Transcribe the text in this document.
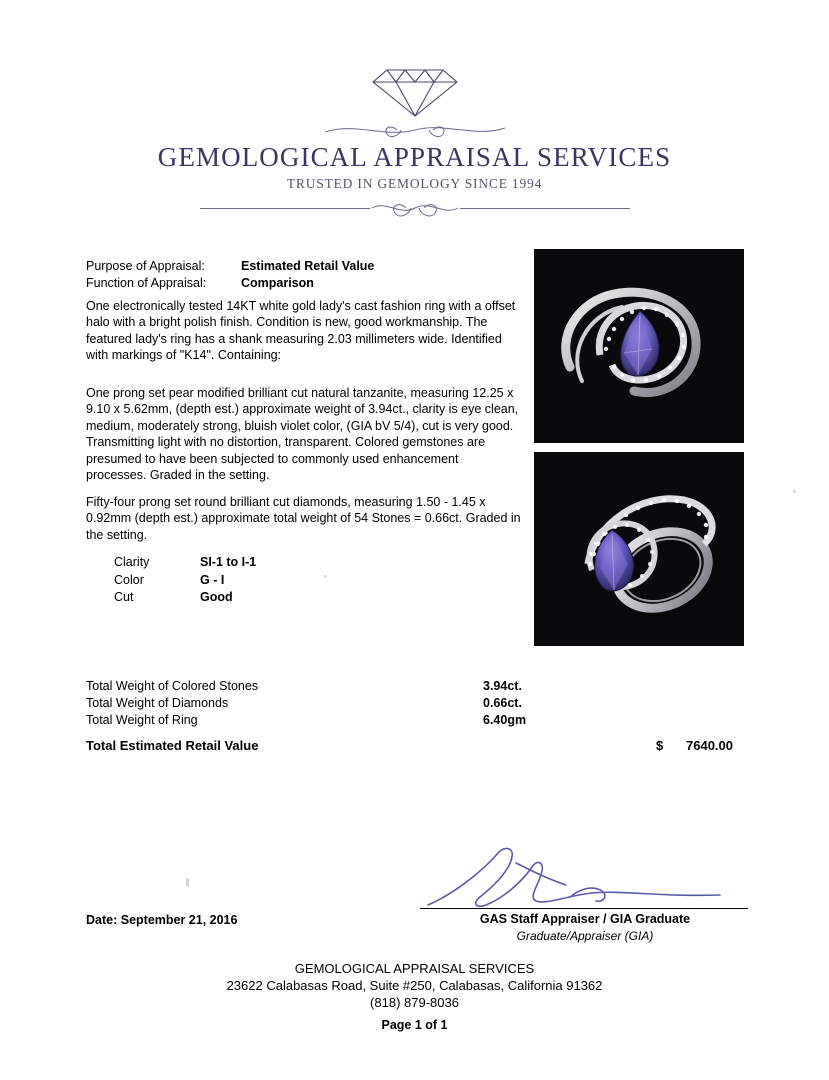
GEMOLOGICAL APPRAISAL SERVICES
TRUSTED IN GEMOLOGY SINCE 1994
Purpose of Appraisal:	Estimated Retail Value
Function of Appraisal:	Comparison
One electronically tested 14KT white gold lady's cast fashion ring with a offset halo with a bright polish finish. Condition is new, good workmanship. The featured lady's ring has a shank measuring 2.03 millimeters wide. Identified with markings of "K14". Containing:
One prong set pear modified brilliant cut natural tanzanite, measuring 12.25 x 9.10 x 5.62mm, (depth est.) approximate weight of 3.94ct., clarity is eye clean, medium, moderately strong, bluish violet color, (GIA bV 5/4), cut is very good. Transmitting light with no distortion, transparent. Colored gemstones are presumed to have been subjected to commonly used enhancement processes. Graded in the setting.
Fifty-four prong set round brilliant cut diamonds, measuring 1.50 - 1.45 x 0.92mm (depth est.) approximate total weight of 54 Stones = 0.66ct. Graded in the setting.
Clarity	SI-1 to I-1
Color	G - I
Cut	Good
Total Weight of Colored Stones	3.94ct.
Total Weight of Diamonds	0.66ct.
Total Weight of Ring	6.40gm
Total Estimated Retail Value	$ 7640.00
Date: September 21, 2016	GAS Staff Appraiser / GIA Graduate
Graduate/Appraiser (GIA)
GEMOLOGICAL APPRAISAL SERVICES
23622 Calabasas Road, Suite #250, Calabasas, California 91362
(818) 879-8036
Page 1 of 1
